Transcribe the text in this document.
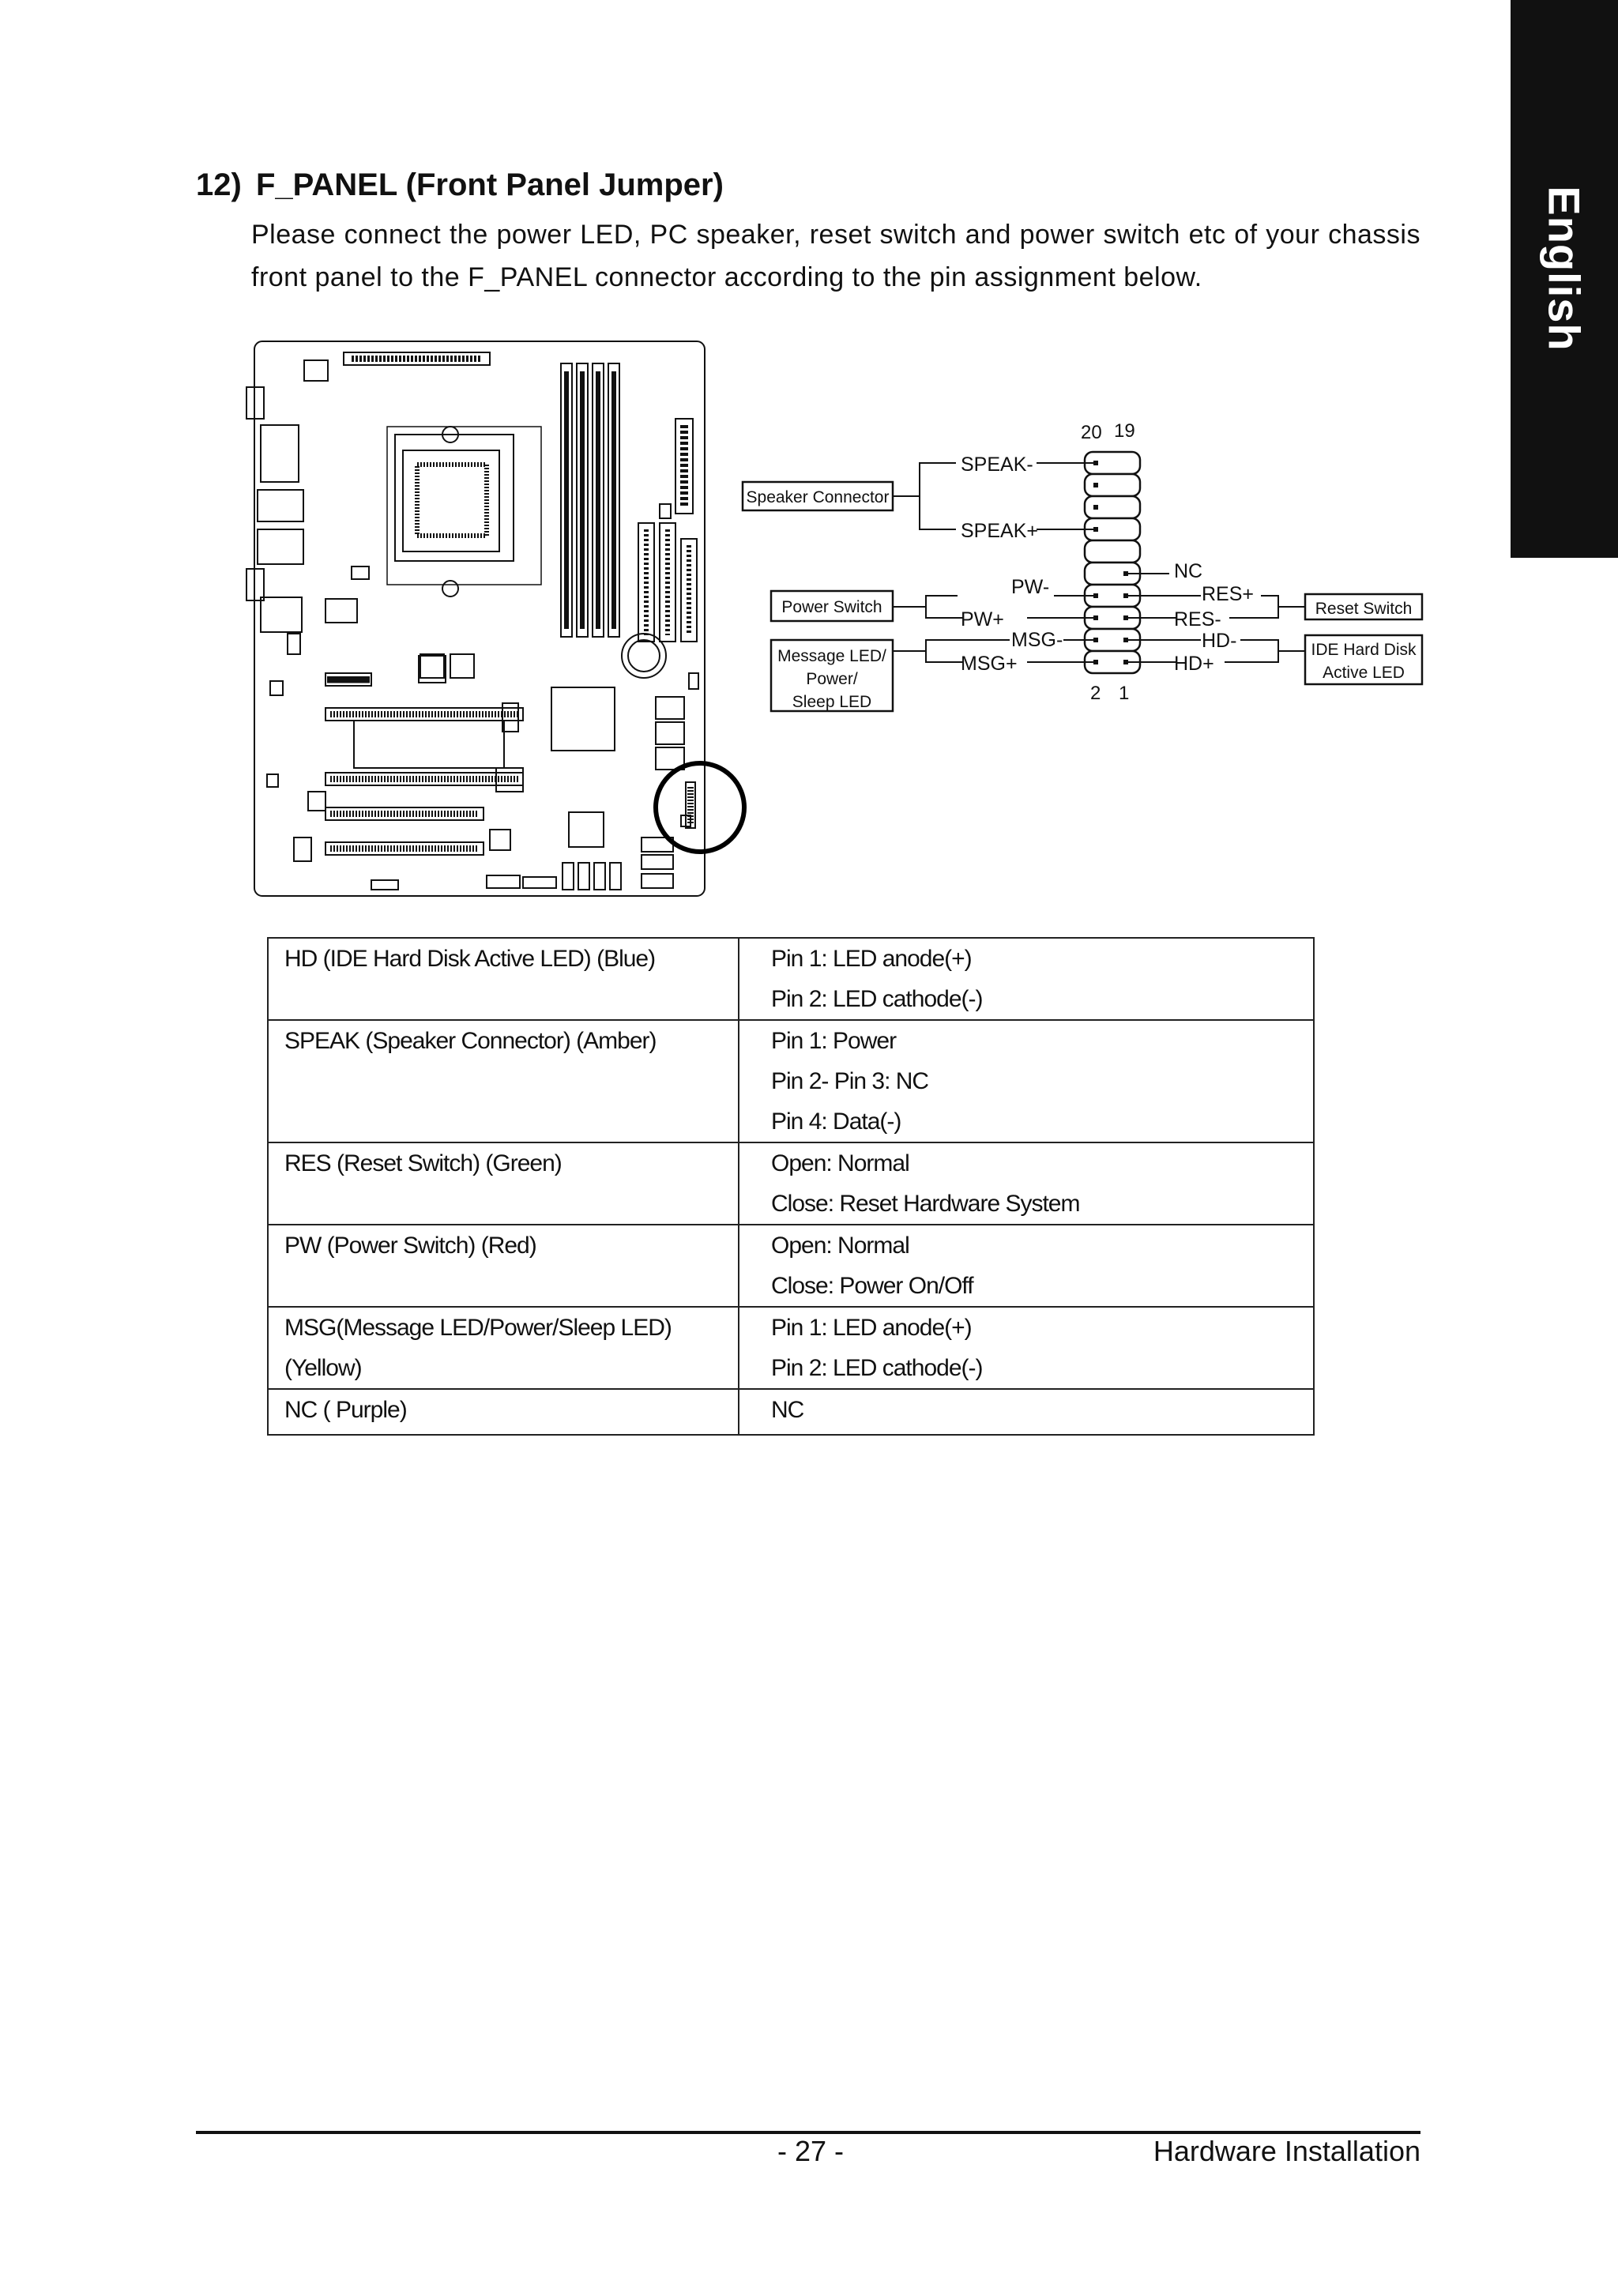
English
12) F_PANEL (Front Panel Jumper)
Please connect the power LED, PC speaker, reset switch and power switch etc of your chassis front panel to the F_PANEL connector according to the pin assignment below.
20 19
2 1
SPEAK-
SPEAK+
PW-
PW+
MSG-
MSG+
NC
RES+
RES-
HD-
HD+
Speaker Connector
Power Switch
Message LED/
Power/
Sleep LED
Reset Switch
IDE Hard Disk
Active LED
HD (IDE Hard Disk Active LED) (Blue)	Pin 1: LED anode(+)
	Pin 2: LED cathode(-)
SPEAK (Speaker Connector) (Amber)	Pin 1: Power
	Pin 2- Pin 3: NC
	Pin 4: Data(-)
RES (Reset Switch) (Green)	Open: Normal
	Close: Reset Hardware System
PW (Power Switch) (Red)	Open: Normal
	Close: Power On/Off
MSG(Message LED/Power/Sleep LED)	Pin 1: LED anode(+)
(Yellow)	Pin 2: LED cathode(-)
NC ( Purple)	NC
- 27 -	Hardware Installation
